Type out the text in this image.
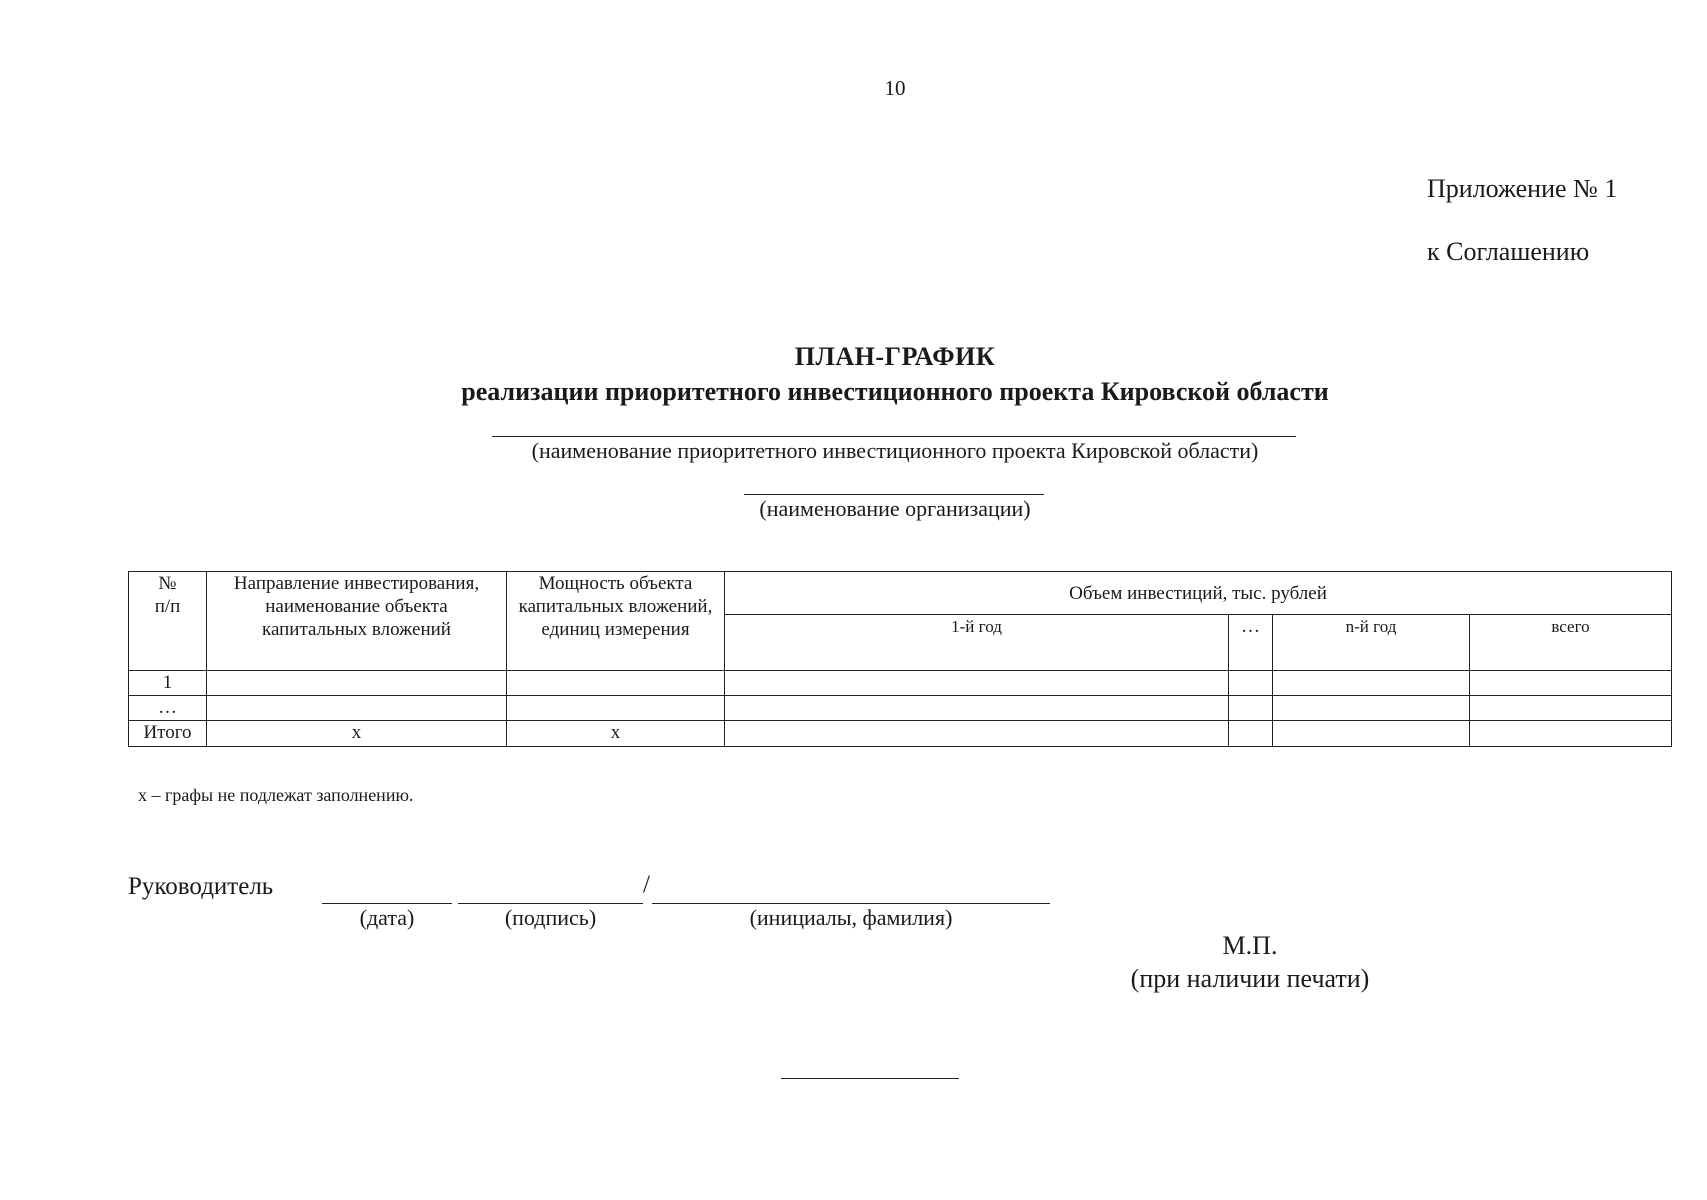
10
Приложение № 1
к Соглашению
ПЛАН-ГРАФИК
реализации приоритетного инвестиционного проекта Кировской области
(наименование приоритетного инвестиционного проекта Кировской области)
(наименование организации)
№
п/п	Направление инвестирования, наименование объекта капитальных вложений	Мощность объекта капитальных вложений, единиц измерения	Объем инвестиций, тыс. рублей			
			1-й год	…	n-й год	всего
1						
…						
Итого	х	х				
х – графы не подлежат заполнению.
Руководитель	/
(дата)	(подпись)	(инициалы, фамилия)
М.П.
(при наличии печати)
